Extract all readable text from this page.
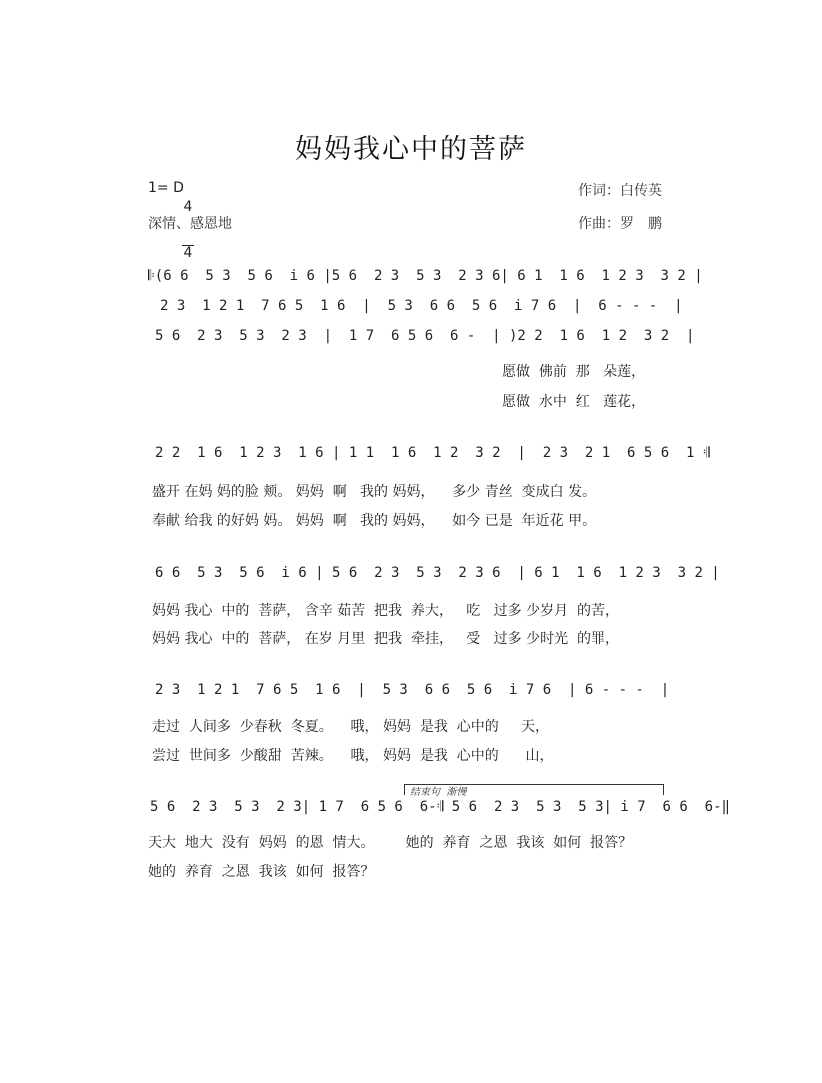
妈妈我心中的菩萨
1= D

4

4

作词：白传英
深情、感恩地	作曲：罗　鹏
𝄆(6 6  5 3  5 6  i 6 |5 6  2 3  5 3  2 3 6| 6 1  1 6  1 2 3  3 2 |
2 3  1 2 1  7 6 5  1 6  |  5 3  6 6  5 6  i 7 6  |  6 - - -  |
5 6  2 3  5 3  2 3  |  1 7  6 5 6  6 -  | )2 2  1 6  1 2  3 2  |
愿做  佛前  那   朵莲，
愿做  水中  红   莲花，
2 2  1 6  1 2 3  1 6 | 1 1  1 6  1 2  3 2  |  2 3  2 1  6 5 6  1 𝄇
盛开 在妈 妈的脸 颊。 妈妈  啊   我的 妈妈，    多少 青丝  变成白 发。
奉献 给我 的好妈 妈。 妈妈  啊   我的 妈妈，    如今 已是  年近花 甲。
6 6  5 3  5 6  i 6 | 5 6  2 3  5 3  2 3 6  | 6 1  1 6  1 2 3  3 2 |
妈妈 我心  中的  菩萨， 含辛 茹苦  把我  养大，   吃   过多 少岁月  的苦，
妈妈 我心  中的  菩萨， 在岁 月里  把我  牵挂，   受   过多 少时光  的罪，
2 3  1 2 1  7 6 5  1 6  |  5 3  6 6  5 6  i 7 6  | 6 - - -  |
走过  人间多  少春秋  冬夏。    哦， 妈妈  是我  心中的     天，
尝过  世间多  少酸甜  苦辣。    哦， 妈妈  是我  心中的      山，
结束句  渐慢
5 6  2 3  5 3  2 3| 1 7  6 5 6  6-𝄇 5 6  2 3  5 3  5 3| i 7  6 6  6-‖
天大  地大  没有  妈妈  的恩  情大。       她的  养育  之恩  我该  如何  报答？
她的  养育  之恩  我该  如何  报答？
